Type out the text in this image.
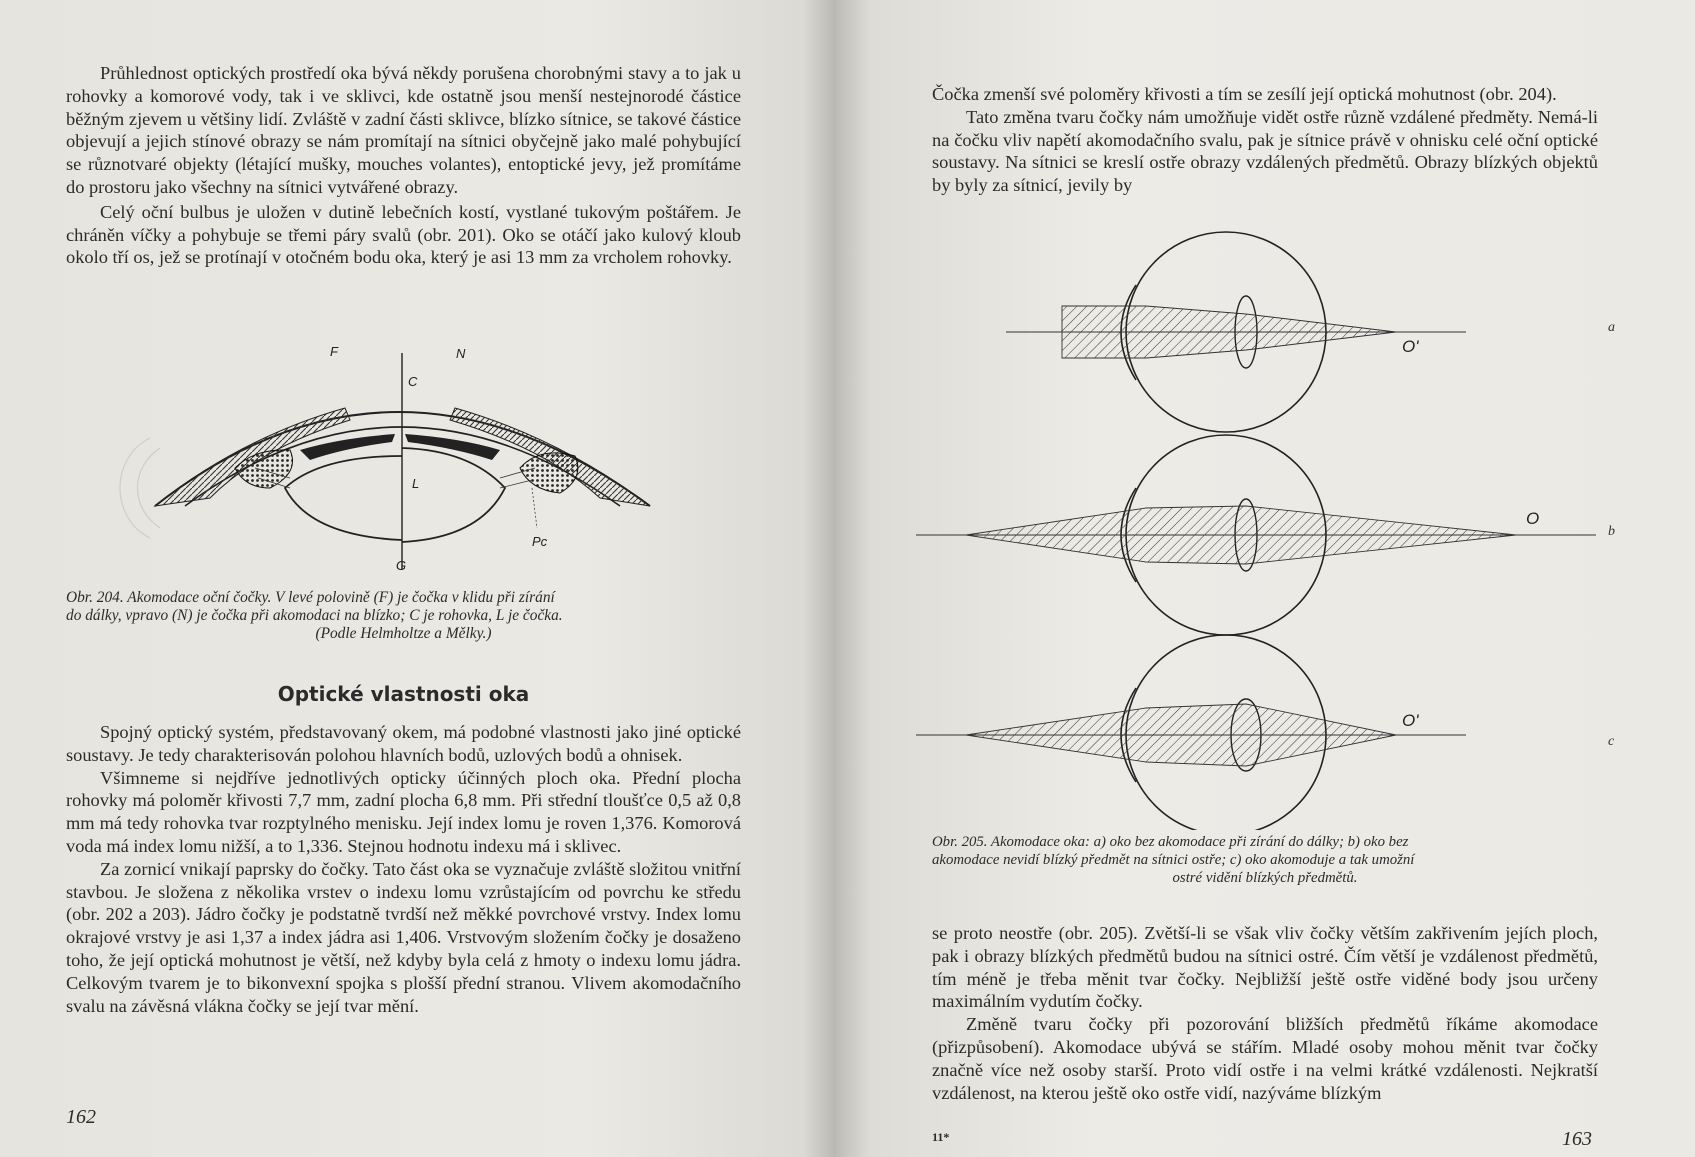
Průhlednost optických prostředí oka bývá někdy porušena chorobnými stavy a to jak u rohovky a komorové vody, tak i ve sklivci, kde ostatně jsou menší nestejnorodé částice běžným zjevem u většiny lidí. Zvláště v zadní části sklivce, blízko sítnice, se takové částice objevují a jejich stínové obrazy se nám promítají na sítnici obyčejně jako malé pohybující se různotvaré objekty (létající mušky, mouches volantes), entoptické jevy, jež promítáme do prostoru jako všechny na sítnici vytvářené obrazy.

Celý oční bulbus je uložen v dutině lebečních kostí, vystlané tukovým poštářem. Je chráněn víčky a pohybuje se třemi páry svalů (obr. 201). Oko se otáčí jako kulový kloub okolo tří os, jež se protínají v otočném bodu oka, který je asi 13 mm za vrcholem rohovky.

F	N
C
L
Pc
G
Obr. 204. Akomodace oční čočky. V levé polovině (F) je čočka v klidu při zírání
do dálky, vpravo (N) je čočka při akomodaci na blízko; C je rohovka, L je čočka.
(Podle Helmholtze a Mělky.)
Optické vlastnosti oka

Spojný optický systém, představovaný okem, má podobné vlastnosti jako jiné optické soustavy. Je tedy charakterisován polohou hlavních bodů, uzlových bodů a ohnisek.

Všimneme si nejdříve jednotlivých opticky účinných ploch oka. Přední plocha rohovky má poloměr křivosti 7,7 mm, zadní plocha 6,8 mm. Při střední tloušťce 0,5 až 0,8 mm má tedy rohovka tvar rozptylného menisku. Její index lomu je roven 1,376. Komorová voda má index lomu nižší, a to 1,336. Stejnou hodnotu indexu má i sklivec.

Za zornicí vnikají paprsky do čočky. Tato část oka se vyznačuje zvláště složitou vnitřní stavbou. Je složena z několika vrstev o indexu lomu vzrůstajícím od povrchu ke středu (obr. 202 a 203). Jádro čočky je podstatně tvrdší než měkké povrchové vrstvy. Index lomu okrajové vrstvy je asi 1,37 a index jádra asi 1,406. Vrstvovým složením čočky je dosaženo toho, že její optická mohutnost je větší, než kdyby byla celá z hmoty o indexu lomu jádra. Celkovým tvarem je to bikonvexní spojka s plošší přední stranou. Vlivem akomodačního svalu na závěsná vlákna čočky se její tvar mění.

162

Čočka zmenší své poloměry křivosti a tím se zesílí její optická mohutnost (obr. 204).

Tato změna tvaru čočky nám umožňuje vidět ostře různě vzdálené předměty. Nemá-li na čočku vliv napětí akomodačního svalu, pak je sítnice právě v ohnisku celé oční optické soustavy. Na sítnici se kreslí ostře obrazy vzdálených předmětů. Obrazy blízkých objektů by byly za sítnicí, jevily by

O'
O
O'
a
b
c
Obr. 205. Akomodace oka: a) oko bez akomodace při zírání do dálky; b) oko bez
akomodace nevidí blízký předmět na sítnici ostře; c) oko akomoduje a tak umožní
ostré vidění blízkých předmětů.

se proto neostře (obr. 205). Zvětší-li se však vliv čočky větším zakřivením jejích ploch, pak i obrazy blízkých předmětů budou na sítnici ostré. Čím větší je vzdálenost předmětů, tím méně je třeba měnit tvar čočky. Nejbližší ještě ostře viděné body jsou určeny maximálním vydutím čočky.

Změně tvaru čočky při pozorování bližších předmětů říkáme akomodace (přizpůsobení). Akomodace ubývá se stářím. Mladé osoby mohou měnit tvar čočky značně více než osoby starší. Proto vidí ostře i na velmi krátké vzdálenosti. Nejkratší vzdálenost, na kterou ještě oko ostře vidí, nazýváme blízkým

11*	163
